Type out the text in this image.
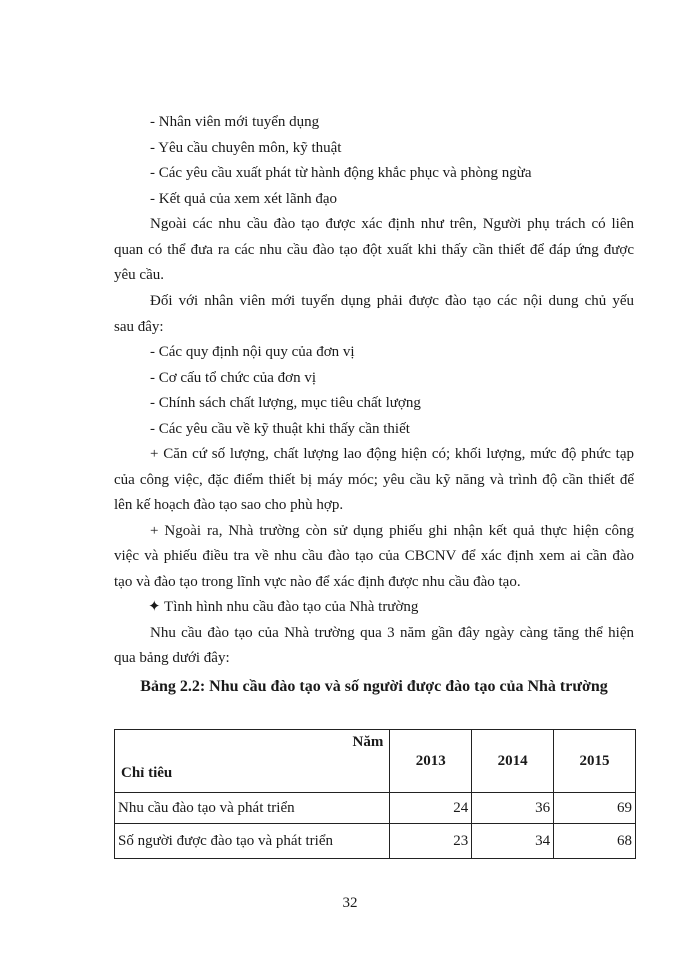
- Nhân viên mới tuyển dụng
- Yêu cầu chuyên môn, kỹ thuật
- Các yêu cầu xuất phát từ hành động khắc phục và phòng ngừa
- Kết quả của xem xét lãnh đạo
Ngoài các nhu cầu đào tạo được xác định như trên, Người phụ trách có liên
quan có thể đưa ra các nhu cầu đào tạo đột xuất khi thấy cần thiết để đáp ứng được
yêu cầu.
Đối với nhân viên mới tuyển dụng phải được đào tạo các nội dung chủ yếu
sau đây:
- Các quy định nội quy của đơn vị
- Cơ cấu tổ chức của đơn vị
- Chính sách chất lượng, mục tiêu chất lượng
- Các yêu cầu về kỹ thuật khi thấy cần thiết
+ Căn cứ số lượng, chất lượng lao động hiện có; khối lượng, mức độ phức tạp
của công việc, đặc điểm thiết bị máy móc; yêu cầu kỹ năng và trình độ cần thiết để
lên kế hoạch đào tạo sao cho phù hợp.
+ Ngoài ra, Nhà trường còn sử dụng phiếu ghi nhận kết quả thực hiện công
việc và phiếu điều tra về nhu cầu đào tạo của CBCNV để xác định xem ai cần đào
tạo và đào tạo trong lĩnh vực nào để xác định được nhu cầu đào tạo.
✦ Tình hình nhu cầu đào tạo của Nhà trường
Nhu cầu đào tạo của Nhà trường qua 3 năm gần đây ngày càng tăng thể hiện
qua bảng dưới đây:
Bảng 2.2: Nhu cầu đào tạo và số người được đào tạo của Nhà trường
Năm
Chỉ tiêu	2013	2014	2015
Nhu cầu đào tạo và phát triển	24	36	69
Số người được đào tạo và phát triển	23	34	68
32
